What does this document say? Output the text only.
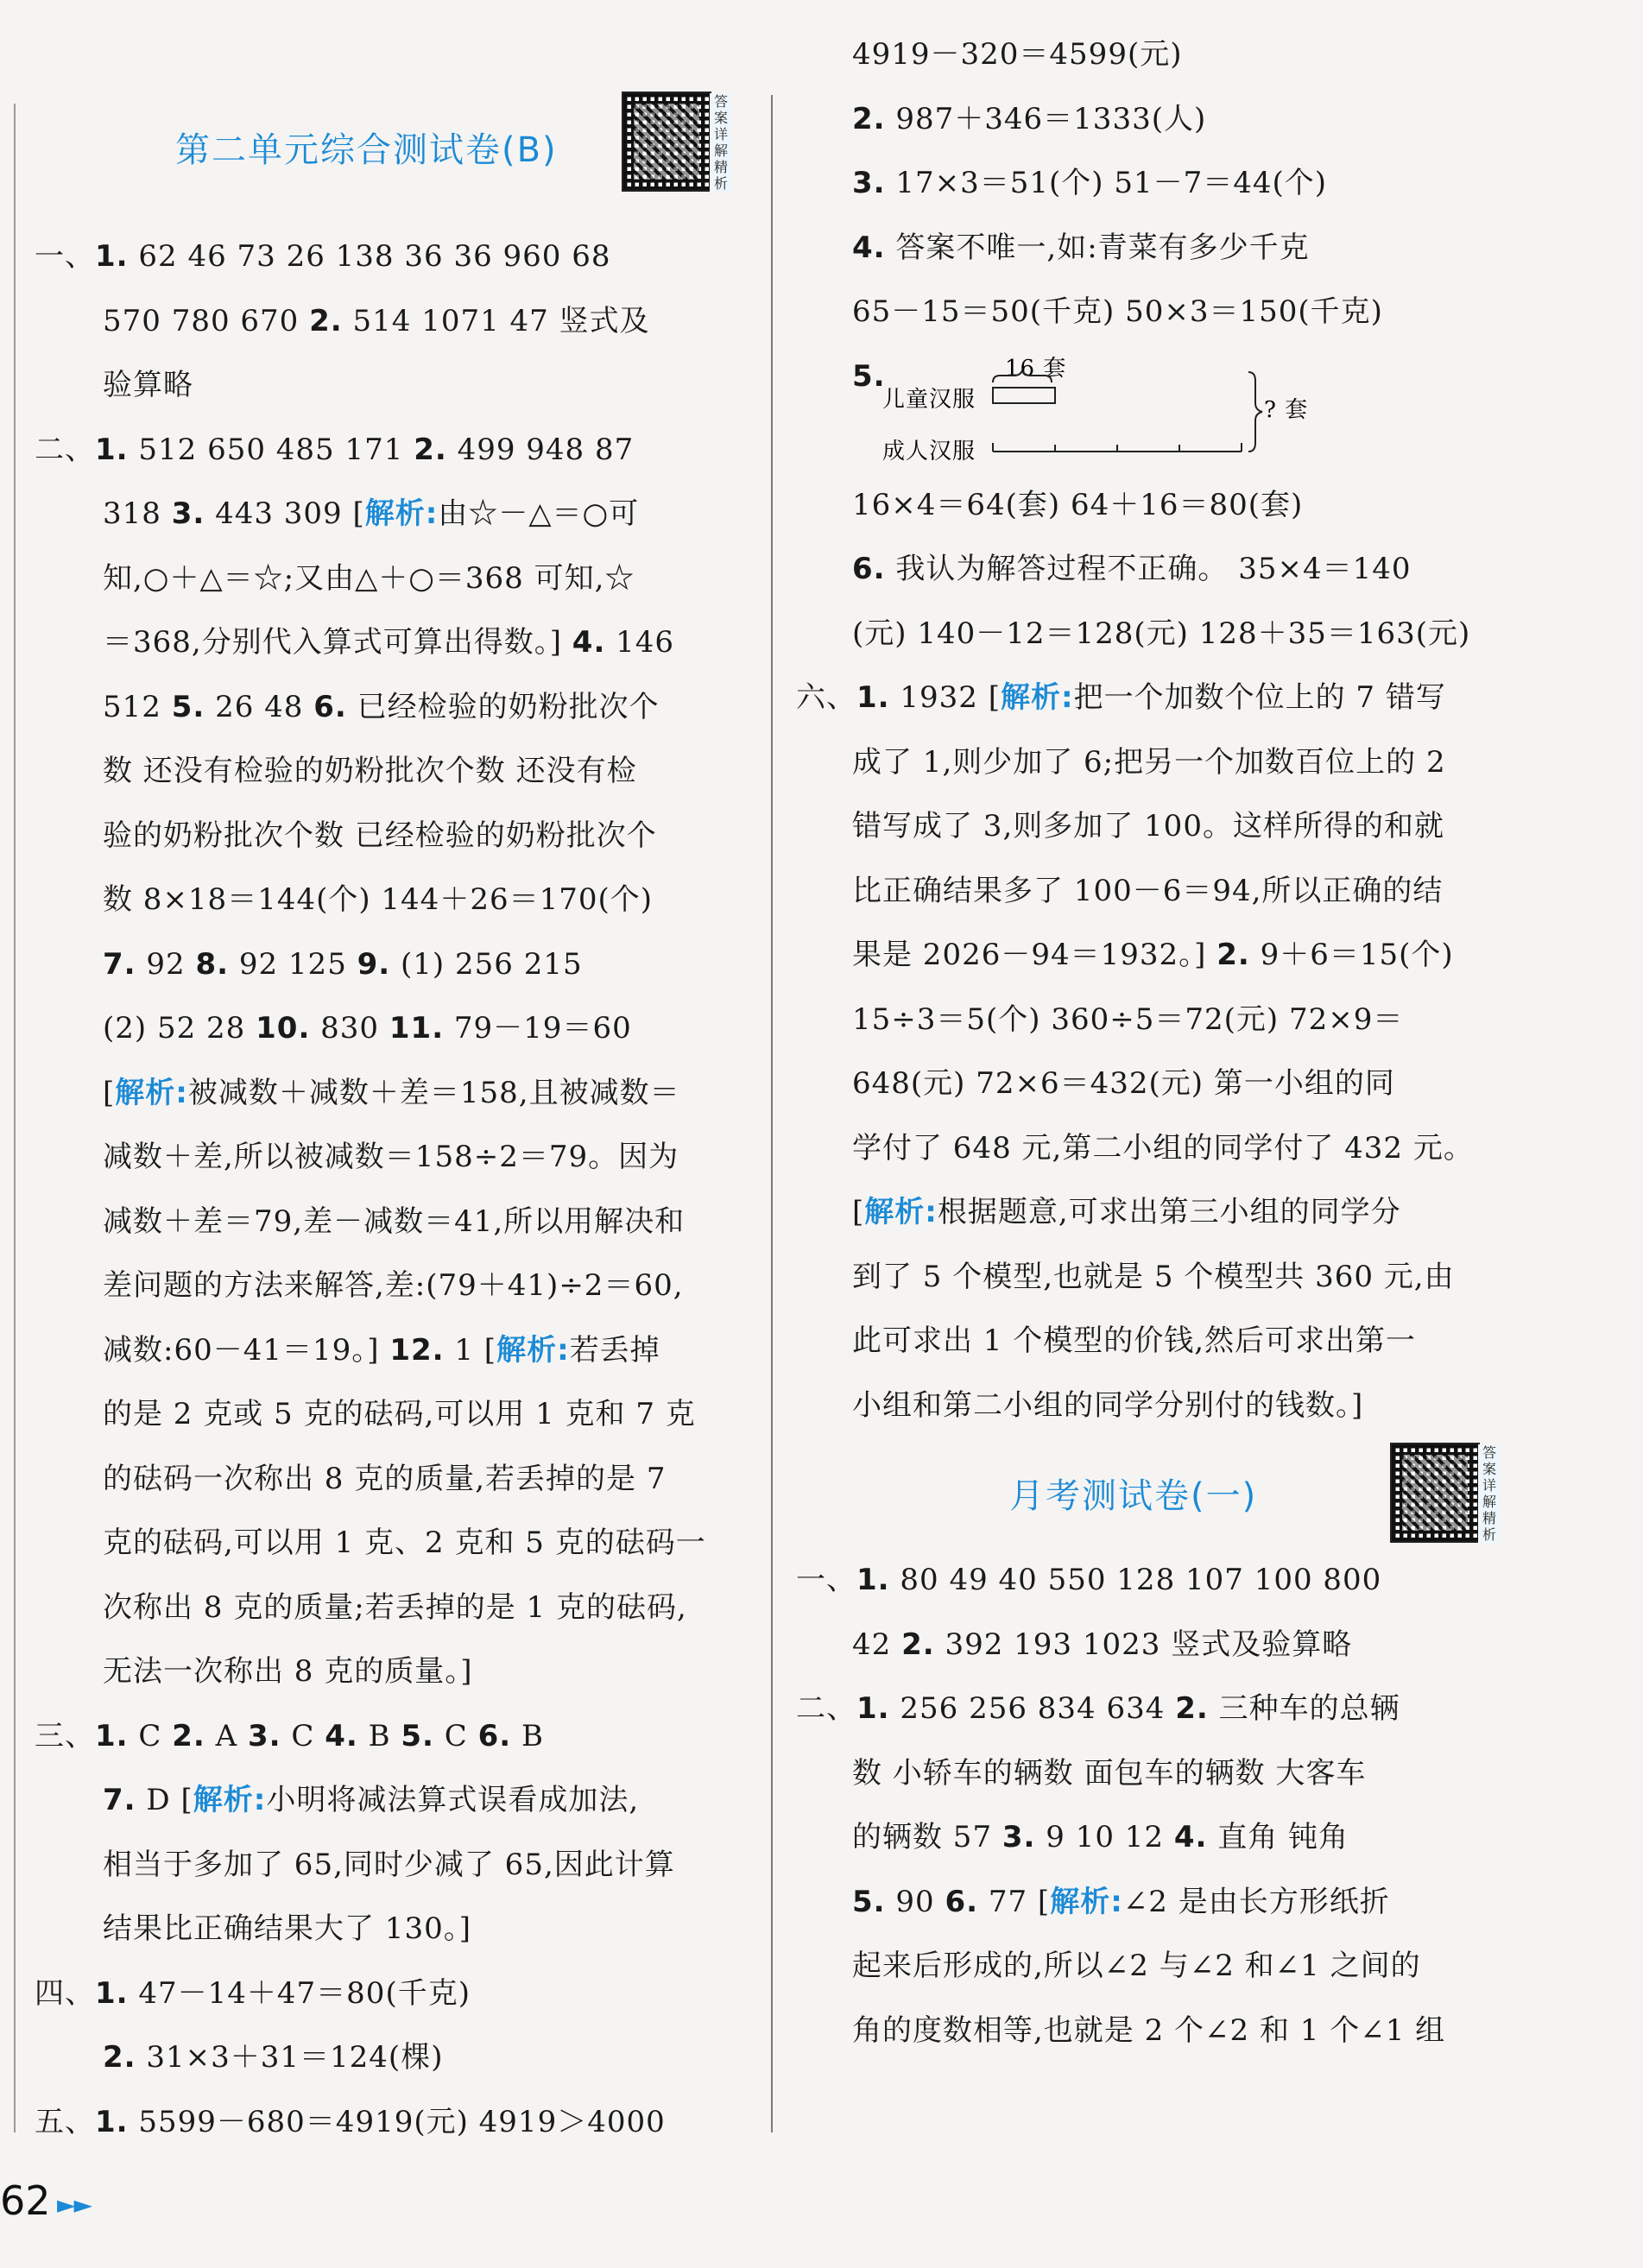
第二单元综合测试卷(B)
答案详解精析
一、1. 62 46 73 26 138 36 36 960 68
570 780 670 2. 514 1071 47 竖式及
验算略
二、1. 512 650 485 171 2. 499 948 87
318 3. 443 309 [解析:由☆－△＝○可
知,○＋△＝☆;又由△＋○＝368 可知,☆
＝368,分别代入算式可算出得数。] 4. 146
512 5. 26 48 6. 已经检验的奶粉批次个
数 还没有检验的奶粉批次个数 还没有检
验的奶粉批次个数 已经检验的奶粉批次个
数 8×18＝144(个) 144＋26＝170(个)
7. 92 8. 92 125 9. (1) 256 215
(2) 52 28 10. 830 11. 79－19＝60
[解析:被减数＋减数＋差＝158,且被减数＝
减数＋差,所以被减数＝158÷2＝79。因为
减数＋差＝79,差－减数＝41,所以用解决和
差问题的方法来解答,差:(79＋41)÷2＝60,
减数:60－41＝19。] 12. 1 [解析:若丢掉
的是 2 克或 5 克的砝码,可以用 1 克和 7 克
的砝码一次称出 8 克的质量,若丢掉的是 7
克的砝码,可以用 1 克、2 克和 5 克的砝码一
次称出 8 克的质量;若丢掉的是 1 克的砝码,
无法一次称出 8 克的质量。]
三、1. C 2. A 3. C 4. B 5. C 6. B
7. D [解析:小明将减法算式误看成加法,
相当于多加了 65,同时少减了 65,因此计算
结果比正确结果大了 130。]
四、1. 47－14＋47＝80(千克)
2. 31×3＋31＝124(棵)
五、1. 5599－680＝4919(元) 4919＞4000
4919－320＝4599(元)
2. 987＋346＝1333(人)
3. 17×3＝51(个) 51－7＝44(个)
4. 答案不唯一,如:青菜有多少千克
65－15＝50(千克) 50×3＝150(千克)
5.	16 套
儿童汉服
成人汉服
? 套
16×4＝64(套) 64＋16＝80(套)
6. 我认为解答过程不正确。 35×4＝140
(元) 140－12＝128(元) 128＋35＝163(元)
六、1. 1932 [解析:把一个加数个位上的 7 错写
成了 1,则少加了 6;把另一个加数百位上的 2
错写成了 3,则多加了 100。这样所得的和就
比正确结果多了 100－6＝94,所以正确的结
果是 2026－94＝1932。] 2. 9＋6＝15(个)
15÷3＝5(个) 360÷5＝72(元) 72×9＝
648(元) 72×6＝432(元) 第一小组的同
学付了 648 元,第二小组的同学付了 432 元。
[解析:根据题意,可求出第三小组的同学分
到了 5 个模型,也就是 5 个模型共 360 元,由
此可求出 1 个模型的价钱,然后可求出第一
小组和第二小组的同学分别付的钱数。]
月考测试卷(一)
答案详解精析
一、1. 80 49 40 550 128 107 100 800
42 2. 392 193 1023 竖式及验算略
二、1. 256 256 834 634 2. 三种车的总辆
数 小轿车的辆数 面包车的辆数 大客车
的辆数 57 3. 9 10 12 4. 直角 钝角
5. 90 6. 77 [解析:∠2 是由长方形纸折
起来后形成的,所以∠2 与∠2 和∠1 之间的
角的度数相等,也就是 2 个∠2 和 1 个∠1 组
62 ►►
